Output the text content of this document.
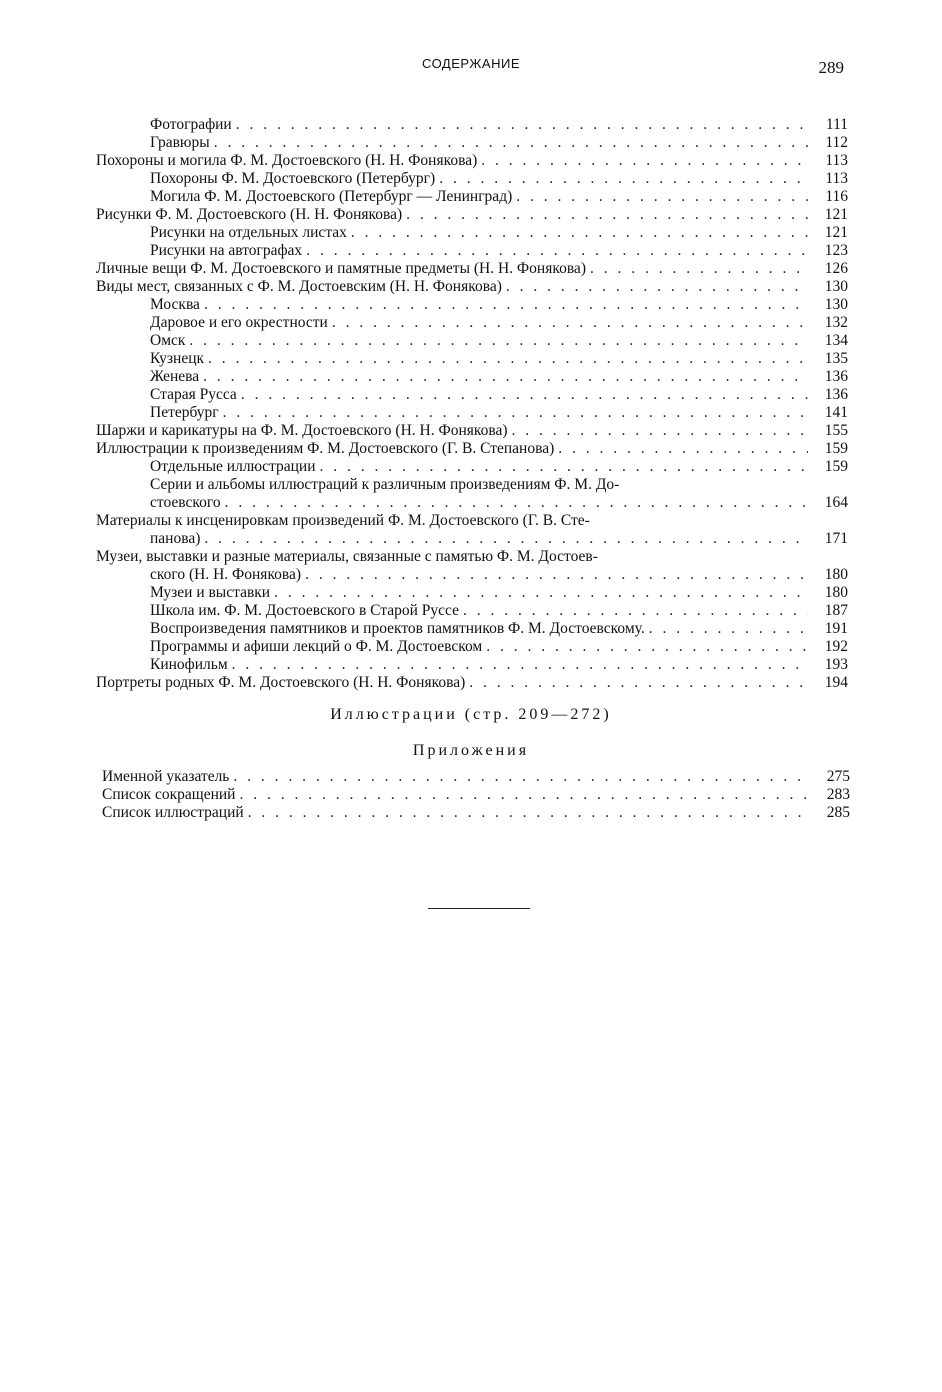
СОДЕРЖАНИЕ	289
Фотографии . . .	111
Гравюры . . .	112
Похороны и могила Ф. М. Достоевского (Н. Н. Фонякова) . . .	113
Похороны Ф. М. Достоевского (Петербург) . . .	113
Могила Ф. М. Достоевского (Петербург — Ленинград) . . .	116
Рисунки Ф. М. Достоевского (Н. Н. Фонякова) . . .	121
Рисунки на отдельных листах . . .	121
Рисунки на автографах . . .	123
Личные вещи Ф. М. Достоевского и памятные предметы (Н. Н. Фонякова) . . .	126
Виды мест, связанных с Ф. М. Достоевским (Н. Н. Фонякова) . . .	130
Москва . . .	130
Даровое и его окрестности . . .	132
Омск . . .	134
Кузнецк . . .	135
Женева . . .	136
Старая Русса . . .	136
Петербург . . .	141
Шаржи и карикатуры на Ф. М. Достоевского (Н. Н. Фонякова) . . .	155
Иллюстрации к произведениям Ф. М. Достоевского (Г. В. Степанова) . . .	159
Отдельные иллюстрации . . .	159
Серии и альбомы иллюстраций к различным произведениям Ф. М. До-
стоевского . . .	164
Материалы к инсценировкам произведений Ф. М. Достоевского (Г. В. Сте-
панова) . . .	171
Музеи, выставки и разные материалы, связанные с памятью Ф. М. Достоев-
ского (Н. Н. Фонякова) . . .	180
Музеи и выставки . . .	180
Школа им. Ф. М. Достоевского в Старой Руссе . . .	187
Воспроизведения памятников и проектов памятников Ф. М. Достоевскому. . . .	191
Программы и афиши лекций о Ф. М. Достоевском . . .	192
Кинофильм . . .	193
Портреты родных Ф. М. Достоевского (Н. Н. Фонякова) . . .	194
Иллюстрации (стр. 209—272)
Приложения
Именной указатель . . .	275
Список сокращений . . .	283
Список иллюстраций . . .	285
